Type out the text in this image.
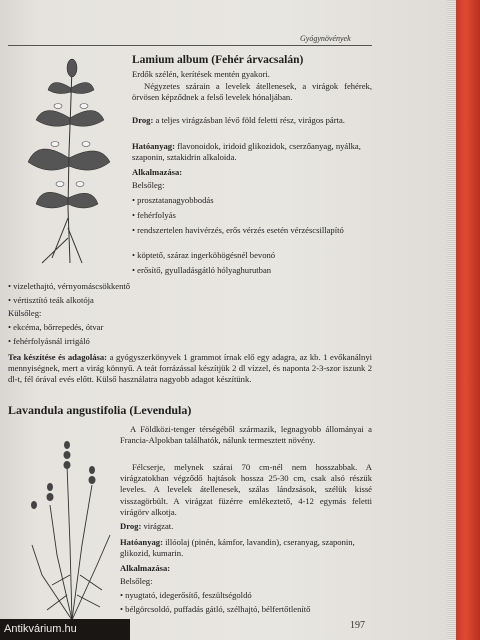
Gyógynövények
Lamium album (Fehér árvacsalán)
Erdők szélén, kerítések mentén gyakori.
Négyzetes szárain a levelek átellenesek, a virágok fehérek, örvösen képződnek a felső levelek hónaljában.
Drog: a teljes virágzásban lévő föld feletti rész, virágos párta.
Hatóanyag: flavonoidok, iridoid glikozidok, cserzőanyag, nyálka, szaponin, sztakidrin alkaloida.
Alkalmazása:
Belsőleg:
• prosztatanagyobbodás
• fehérfolyás
• rendszertelen havivérzés, erős vérzés esetén vérzéscsillapító
• köptető, száraz ingerköhögésnél bevonó
• erősítő, gyulladásgátló hólyaghurutban
• vizelethajtó, vérnyomáscsökkentő
• vértisztító teák alkotója
Külsőleg:
• ekcéma, bőrrepedés, ótvar
• fehérfolyásnál irrigáló
Tea készítése és adagolása: a gyógyszerkönyvek 1 grammot írnak elő egy adagra, az kb. 1 evőkanálnyi mennyiségnek, mert a virág könnyű. A teát forrázással készítjük 2 dl vízzel, és naponta 2-3-szor iszunk 2 dl-t, fél órával evés előtt. Külső használatra nagyobb adagot készítünk.
Lavandula angustifolia (Levendula)
A Földközi-tenger térségéből származik, legnagyobb állományai a Francia-Alpokban találhatók, nálunk termesztett növény.
Félcserje, melynek szárai 70 cm-nél nem hosszabbak. A virágzatokban végződő hajtások hossza 25-30 cm, csak alsó részük leveles. A levelek átellenesek, szálas lándzsások, szélük kissé visszagörbült. A virágzat füzérre emlékeztető, 4-12 egymás feletti virágörv alkotja.
Drog: virágzat.
Hatóanyag: illóolaj (pinén, kámfor, lavandin), cseranyag, szaponin, glikozid, kumarin.
Alkalmazása:
Belsőleg:
• nyugtató, idegerősítő, feszültségoldó
• bélgörcsoldó, puffadás gátló, szélhajtó, bélfertőtlenítő
197
Antikvárium.hu
